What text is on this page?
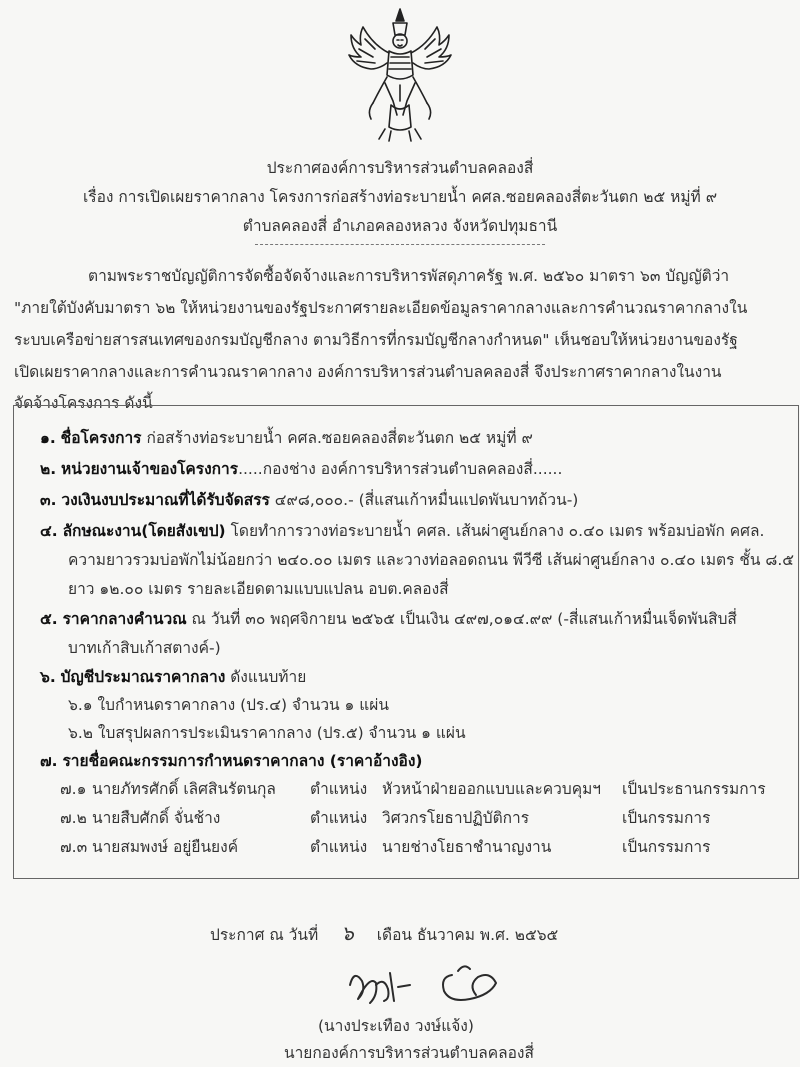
ประกาศองค์การบริหารส่วนตำบลคลองสี่
เรื่อง การเปิดเผยราคากลาง โครงการก่อสร้างท่อระบายน้ำ คศล.ซอยคลองสี่ตะวันตก ๒๕ หมู่ที่ ๙
ตำบลคลองสี่ อำเภอคลองหลวง จังหวัดปทุมธานี
ตามพระราชบัญญัติการจัดซื้อจัดจ้างและการบริหารพัสดุภาครัฐ พ.ศ. ๒๕๖๐ มาตรา ๖๓ บัญญัติว่า
"ภายใต้บังคับมาตรา ๖๒ ให้หน่วยงานของรัฐประกาศรายละเอียดข้อมูลราคากลางและการคำนวณราคากลางใน
ระบบเครือข่ายสารสนเทศของกรมบัญชีกลาง ตามวิธีการที่กรมบัญชีกลางกำหนด" เห็นชอบให้หน่วยงานของรัฐ
เปิดเผยราคากลางและการคำนวณราคากลาง องค์การบริหารส่วนตำบลคลองสี่ จึงประกาศราคากลางในงาน
จัดจ้างโครงการ ดังนี้
๑. ชื่อโครงการ ก่อสร้างท่อระบายน้ำ คศล.ซอยคลองสี่ตะวันตก ๒๕ หมู่ที่ ๙
๒. หน่วยงานเจ้าของโครงการ.....กองช่าง องค์การบริหารส่วนตำบลคลองสี่......
๓. วงเงินงบประมาณที่ได้รับจัดสรร ๔๙๘,๐๐๐.- (สี่แสนเก้าหมื่นแปดพันบาทถ้วน-)
๔. ลักษณะงาน(โดยสังเขป) โดยทำการวางท่อระบายน้ำ คศล. เส้นผ่าศูนย์กลาง ๐.๔๐ เมตร พร้อมบ่อพัก คศล.
ความยาวรวมบ่อพักไม่น้อยกว่า ๒๔๐.๐๐ เมตร และวางท่อลอดถนน พีวีซี เส้นผ่าศูนย์กลาง ๐.๔๐ เมตร ชั้น ๘.๕
ยาว ๑๒.๐๐ เมตร รายละเอียดตามแบบแปลน อบต.คลองสี่
๕. ราคากลางคำนวณ ณ วันที่ ๓๐ พฤศจิกายน ๒๕๖๕ เป็นเงิน ๔๙๗,๐๑๔.๙๙ (-สี่แสนเก้าหมื่นเจ็ดพันสิบสี่
บาทเก้าสิบเก้าสตางค์-)
๖. บัญชีประมาณราคากลาง ดังแนบท้าย
๖.๑ ใบกำหนดราคากลาง (ปร.๔) จำนวน ๑ แผ่น
๖.๒ ใบสรุปผลการประเมินราคากลาง (ปร.๕) จำนวน ๑ แผ่น
๗. รายชื่อคณะกรรมการกำหนดราคากลาง (ราคาอ้างอิง)
๗.๑ นายภัทรศักดิ์ เลิศสินรัตนกุล ตำแหน่ง หัวหน้าฝ่ายออกแบบและควบคุมฯ เป็นประธานกรรมการ
๗.๒ นายสืบศักดิ์ จั่นช้าง	ตำแหน่ง วิศวกรโยธาปฏิบัติการ	เป็นกรรมการ
๗.๓ นายสมพงษ์ อยู่ยืนยงค์	ตำแหน่ง นายช่างโยธาชำนาญงาน	เป็นกรรมการ
ประกาศ ณ วันที่ ๖ เดือน ธันวาคม พ.ศ. ๒๕๖๕
(นางประเทือง วงษ์แจ้ง)
นายกองค์การบริหารส่วนตำบลคลองสี่
